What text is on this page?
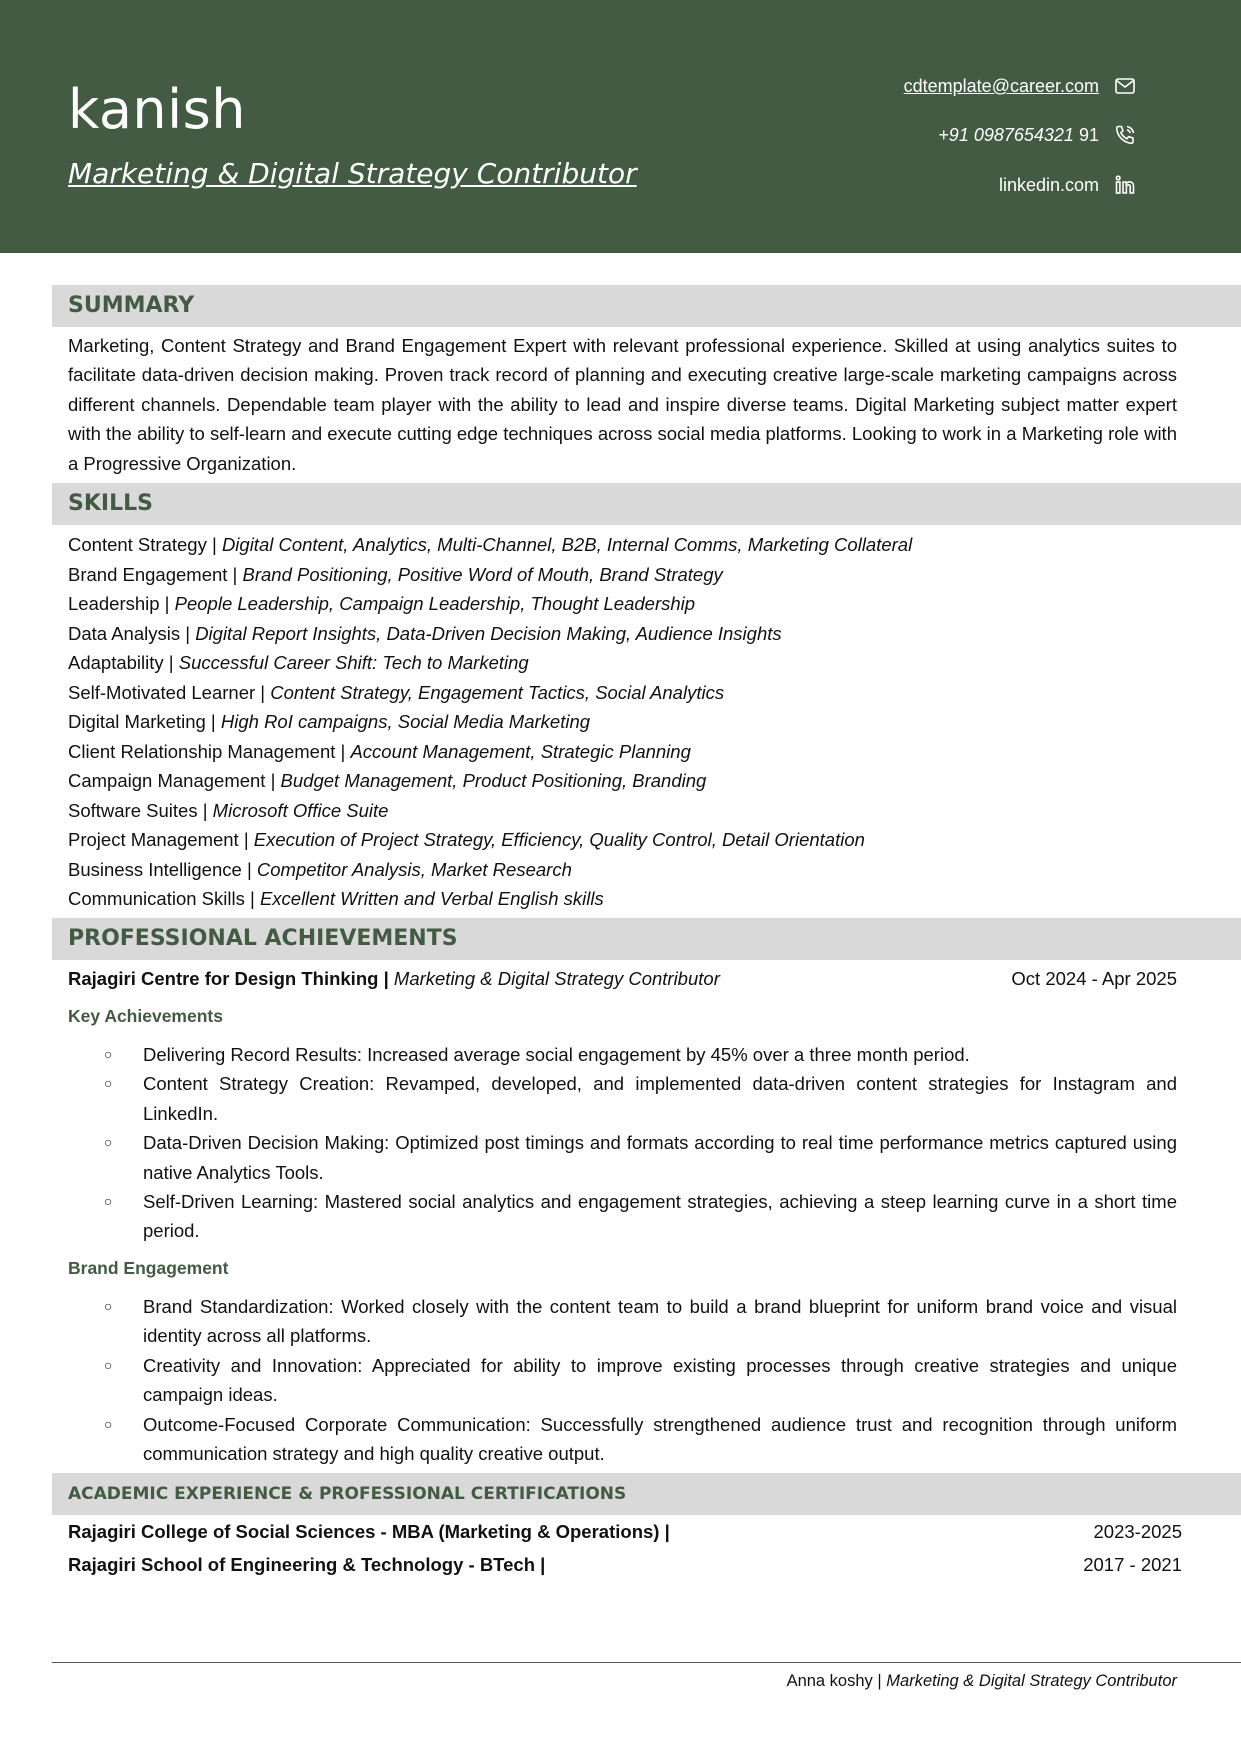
kanish
Marketing & Digital Strategy Contributor
cdtemplate@career.com
+91 0987654321 91
linkedin.com
SUMMARY
Marketing, Content Strategy and Brand Engagement Expert with relevant professional experience. Skilled at using analytics suites to facilitate data-driven decision making. Proven track record of planning and executing creative large-scale marketing campaigns across different channels. Dependable team player with the ability to lead and inspire diverse teams. Digital Marketing subject matter expert with the ability to self-learn and execute cutting edge techniques across social media platforms. Looking to work in a Marketing role with a Progressive Organization.
SKILLS
Content Strategy | Digital Content, Analytics, Multi-Channel, B2B, Internal Comms, Marketing Collateral
Brand Engagement | Brand Positioning, Positive Word of Mouth, Brand Strategy
Leadership | People Leadership, Campaign Leadership, Thought Leadership
Data Analysis | Digital Report Insights, Data-Driven Decision Making, Audience Insights
Adaptability | Successful Career Shift: Tech to Marketing
Self-Motivated Learner | Content Strategy, Engagement Tactics, Social Analytics
Digital Marketing | High RoI campaigns, Social Media Marketing
Client Relationship Management | Account Management, Strategic Planning
Campaign Management | Budget Management, Product Positioning, Branding
Software Suites | Microsoft Office Suite
Project Management | Execution of Project Strategy, Efficiency, Quality Control, Detail Orientation
Business Intelligence | Competitor Analysis, Market Research
Communication Skills | Excellent Written and Verbal English skills
PROFESSIONAL ACHIEVEMENTS
Rajagiri Centre for Design Thinking | Marketing & Digital Strategy Contributor	Oct 2024 - Apr 2025
Key Achievements
○ Delivering Record Results: Increased average social engagement by 45% over a three month period.
○ Content Strategy Creation: Revamped, developed, and implemented data-driven content strategies for Instagram and LinkedIn.
○ Data-Driven Decision Making: Optimized post timings and formats according to real time performance metrics captured using native Analytics Tools.
○ Self-Driven Learning: Mastered social analytics and engagement strategies, achieving a steep learning curve in a short time period.
Brand Engagement
○ Brand Standardization: Worked closely with the content team to build a brand blueprint for uniform brand voice and visual identity across all platforms.
○ Creativity and Innovation: Appreciated for ability to improve existing processes through creative strategies and unique campaign ideas.
○ Outcome-Focused Corporate Communication: Successfully strengthened audience trust and recognition through uniform communication strategy and high quality creative output.
ACADEMIC EXPERIENCE & PROFESSIONAL CERTIFICATIONS
Rajagiri College of Social Sciences - MBA (Marketing & Operations) |	2023-2025
Rajagiri School of Engineering & Technology - BTech |	2017 - 2021
Anna koshy | Marketing & Digital Strategy Contributor
